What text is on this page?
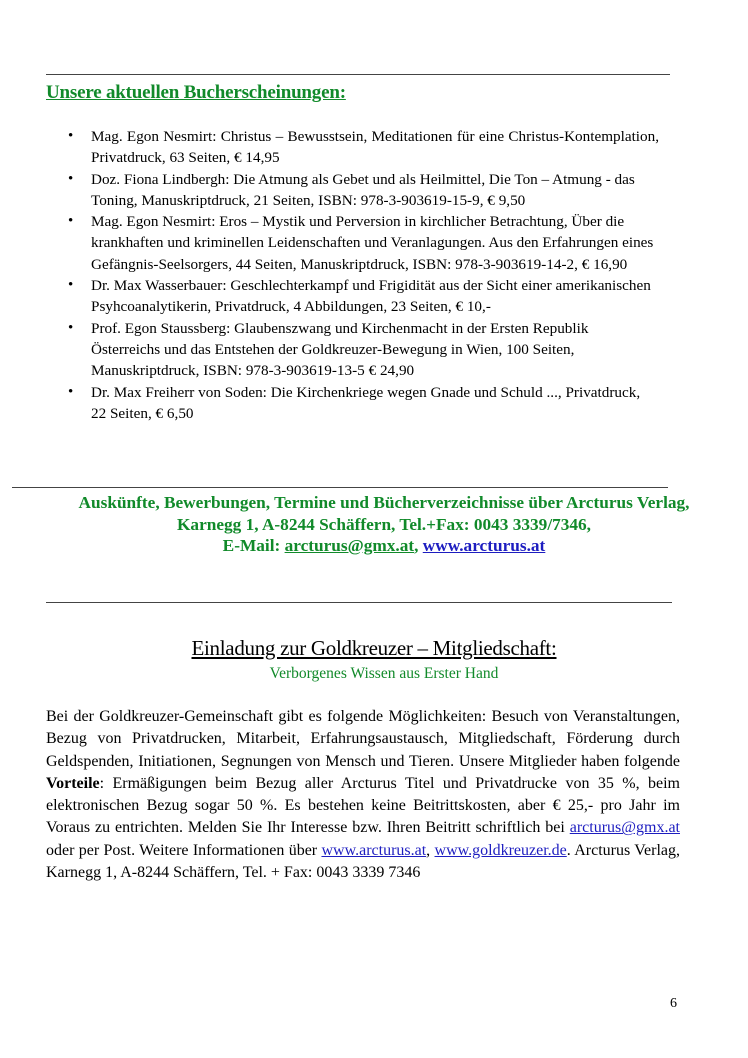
Unsere aktuellen Bucherscheinungen:
• Mag. Egon Nesmirt: Christus – Bewusstsein, Meditationen für eine Christus-Kontemplation, Privatdruck, 63 Seiten, € 14,95
• Doz. Fiona Lindbergh: Die Atmung als Gebet und als Heilmittel, Die Ton – Atmung - das Toning, Manuskriptdruck, 21 Seiten, ISBN: 978-3-903619-15-9, € 9,50
• Mag. Egon Nesmirt: Eros – Mystik und Perversion in kirchlicher Betrachtung, Über die krankhaften und kriminellen Leidenschaften und Veranlagungen. Aus den Erfahrungen eines Gefängnis-Seelsorgers, 44 Seiten, Manuskriptdruck, ISBN: 978-3-903619-14-2, € 16,90
• Dr. Max Wasserbauer: Geschlechterkampf und Frigidität aus der Sicht einer amerikanischen Psyhcoanalytikerin, Privatdruck, 4 Abbildungen, 23 Seiten, € 10,-
• Prof. Egon Staussberg: Glaubenszwang und Kirchenmacht in der Ersten Republik Österreichs und das Entstehen der Goldkreuzer-Bewegung in Wien, 100 Seiten, Manuskriptdruck, ISBN: 978-3-903619-13-5 € 24,90
• Dr. Max Freiherr von Soden: Die Kirchenkriege wegen Gnade und Schuld ..., Privatdruck, 22 Seiten, € 6,50
Auskünfte, Bewerbungen, Termine und Bücherverzeichnisse über Arcturus Verlag,
Karnegg 1, A-8244 Schäffern, Tel.+Fax: 0043 3339/7346,
E-Mail: arcturus@gmx.at, www.arcturus.at
Einladung zur Goldkreuzer – Mitgliedschaft:

Verborgenes Wissen aus Erster Hand

Bei der Goldkreuzer-Gemeinschaft gibt es folgende Möglichkeiten: Besuch von Veranstaltungen, Bezug von Privatdrucken, Mitarbeit, Erfahrungsaustausch, Mitgliedschaft, Förderung durch Geldspenden, Initiationen, Segnungen von Mensch und Tieren. Unsere Mitglieder haben folgende Vorteile: Ermäßigungen beim Bezug aller Arcturus Titel und Privatdrucke von 35 %, beim elektronischen Bezug sogar 50 %. Es bestehen keine Beitrittskosten, aber € 25,- pro Jahr im Voraus zu entrichten. Melden Sie Ihr Interesse bzw. Ihren Beitritt schriftlich bei arcturus@gmx.at oder per Post. Weitere Informationen über www.arcturus.at, www.goldkreuzer.de. Arcturus Verlag, Karnegg 1, A-8244 Schäffern, Tel. + Fax: 0043 3339 7346

6
